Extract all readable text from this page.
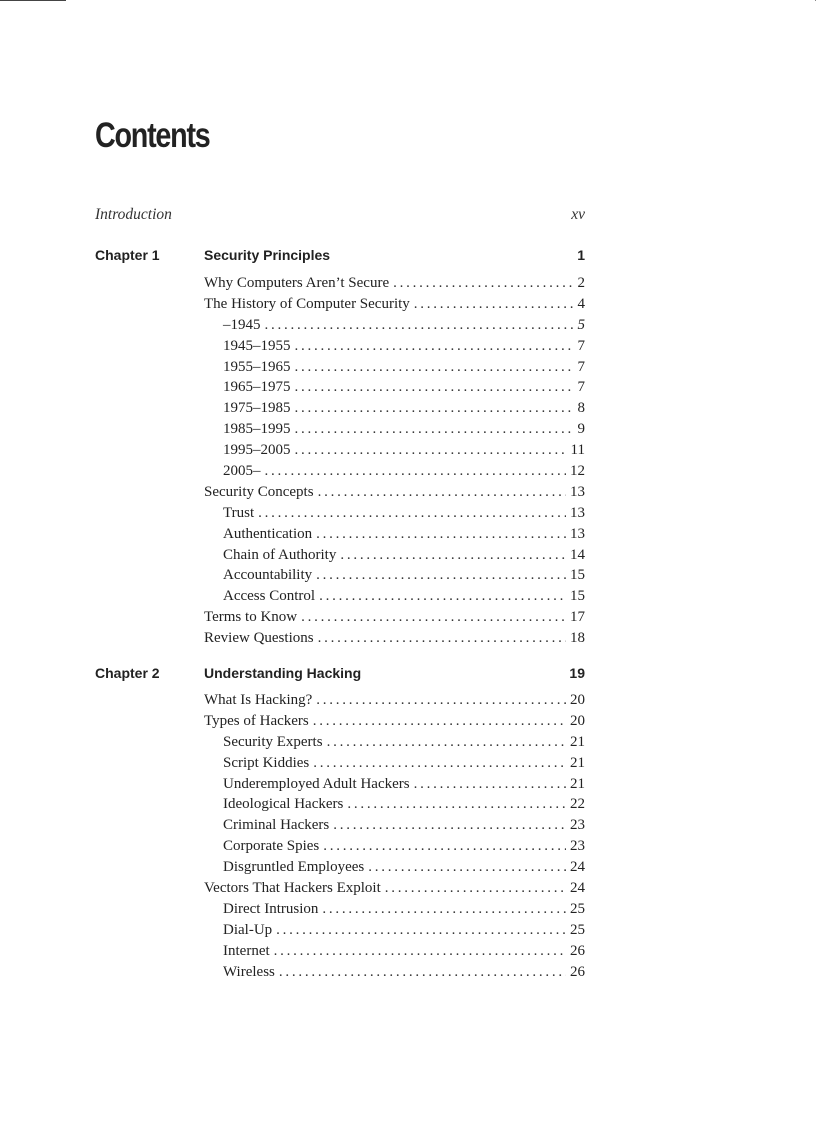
Contents
Introduction	xv
Chapter 1	Security Principles	1
Why Computers Aren’t Secure . . .	2
The History of Computer Security . . .	4
–1945 . . .	5
1945–1955 . . .	7
1955–1965 . . .	7
1965–1975 . . .	7
1975–1985 . . .	8
1985–1995 . . .	9
1995–2005 . . .	11
2005– . . .	12
Security Concepts . . .	13
Trust . . .	13
Authentication . . .	13
Chain of Authority . . .	14
Accountability . . .	15
Access Control . . .	15
Terms to Know . . .	17
Review Questions . . .	18
Chapter 2	Understanding Hacking	19
What Is Hacking? . . .	20
Types of Hackers . . .	20
Security Experts . . .	21
Script Kiddies . . .	21
Underemployed Adult Hackers . . .	21
Ideological Hackers . . .	22
Criminal Hackers . . .	23
Corporate Spies . . .	23
Disgruntled Employees . . .	24
Vectors That Hackers Exploit . . .	24
Direct Intrusion . . .	25
Dial-Up . . .	25
Internet . . .	26
Wireless . . .	26
